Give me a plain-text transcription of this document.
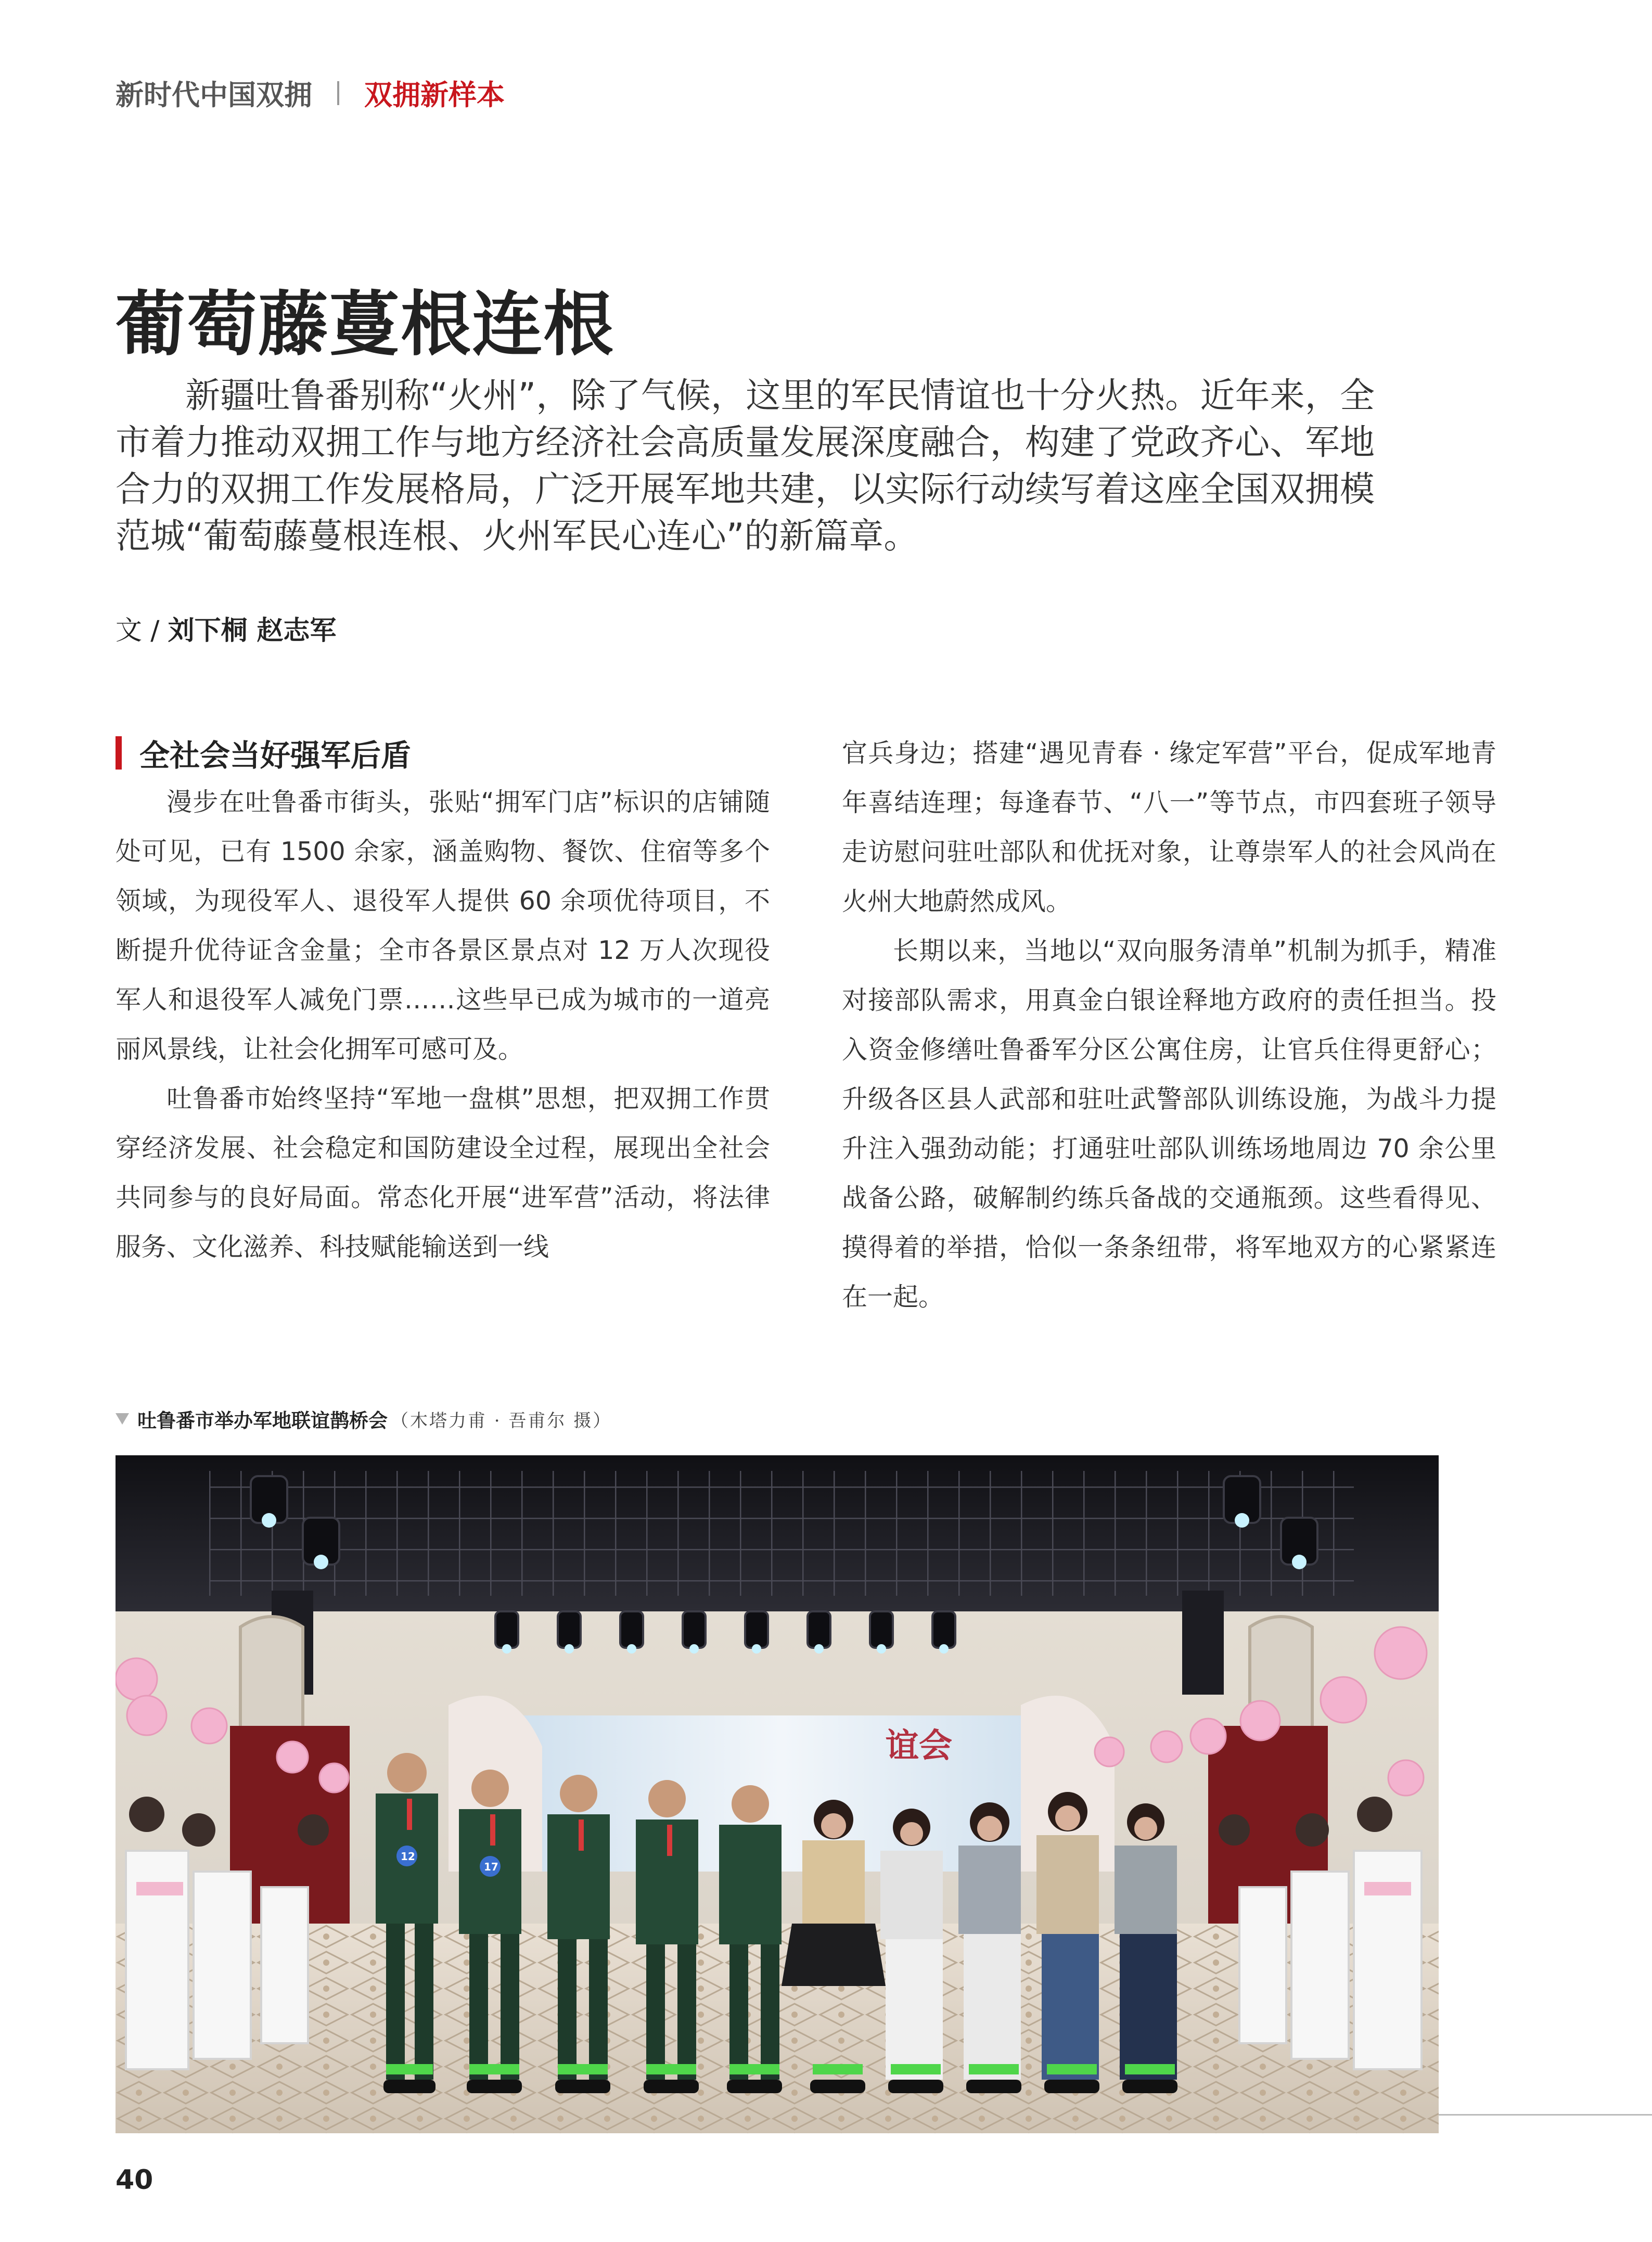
新时代中国双拥 双拥新样本
葡萄藤蔓根连根
新疆吐鲁番别称“火州”，除了气候，这里的军民情谊也十分火热。近年来，全市着力推动双拥工作与地方经济社会高质量发展深度融合，构建了党政齐心、军地合力的双拥工作发展格局，广泛开展军地共建，以实际行动续写着这座全国双拥模范城“葡萄藤蔓根连根、火州军民心连心”的新篇章。
文 / 刘下桐 赵志军
全社会当好强军后盾

漫步在吐鲁番市街头，张贴“拥军门店”标识的店铺随处可见，已有 1500 余家，涵盖购物、餐饮、住宿等多个领域，为现役军人、退役军人提供 60 余项优待项目，不断提升优待证含金量；全市各景区景点对 12 万人次现役军人和退役军人减免门票……这些早已成为城市的一道亮丽风景线，让社会化拥军可感可及。

吐鲁番市始终坚持“军地一盘棋”思想，把双拥工作贯穿经济发展、社会稳定和国防建设全过程，展现出全社会共同参与的良好局面。常态化开展“进军营”活动，将法律服务、文化滋养、科技赋能输送到一线

官兵身边；搭建“遇见青春 · 缘定军营”平台，促成军地青年喜结连理；每逢春节、“八一”等节点，市四套班子领导走访慰问驻吐部队和优抚对象，让尊崇军人的社会风尚在火州大地蔚然成风。

长期以来，当地以“双向服务清单”机制为抓手，精准对接部队需求，用真金白银诠释地方政府的责任担当。投入资金修缮吐鲁番军分区公寓住房，让官兵住得更舒心；升级各区县人武部和驻吐武警部队训练设施，为战斗力提升注入强劲动能；打通驻吐部队训练场地周边 70 余公里战备公路，破解制约练兵备战的交通瓶颈。这些看得见、摸得着的举措，恰似一条条纽带，将军地双方的心紧紧连在一起。

吐鲁番市举办军地联谊鹊桥会 （木塔力甫 · 吾甫尔 摄）
谊会
12
17
40
